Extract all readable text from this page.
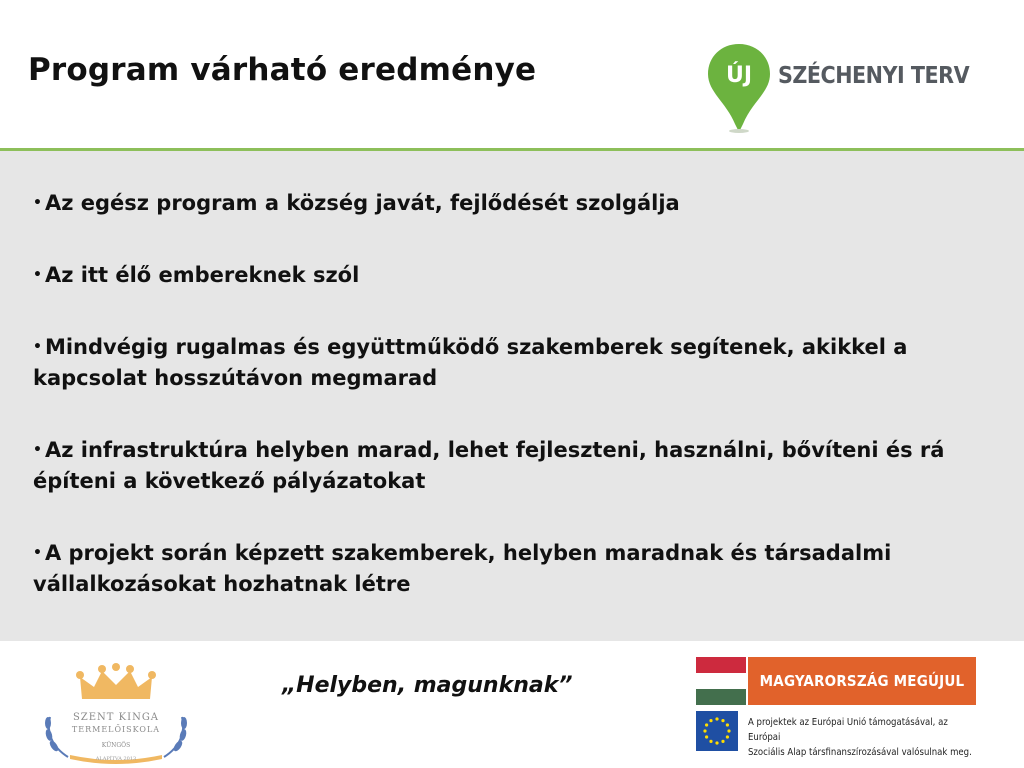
Program várható eredménye	ÚJ	SZÉCHENYI TERV
• Az egész program a község javát, fejlődését szolgálja
• Az itt élő embereknek szól
• Mindvégig rugalmas és együttműködő szakemberek segítenek, akikkel a kapcsolat hosszútávon megmarad
• Az infrastruktúra helyben marad, lehet fejleszteni, használni, bővíteni és rá építeni a következő pályázatokat
• A projekt során képzett szakemberek, helyben maradnak és társadalmi vállalkozásokat hozhatnak létre
SZENT KINGA
TERMELŐISKOLA
KÜNGÖS
ALAPÍTVA 2013
„Helyben, magunknak”	MAGYARORSZÁG MEGÚJUL
A projektek az Európai Unió támogatásával, az Európai
Szociális Alap társfinanszírozásával valósulnak meg.
